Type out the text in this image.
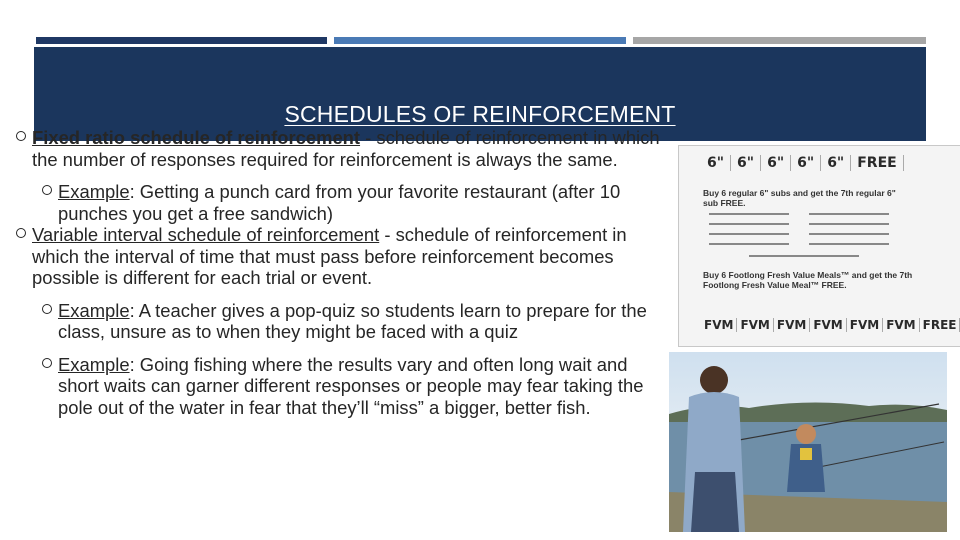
Fixed ratio schedule of reinforcement - schedule of reinforcement in which the number of responses required for reinforcement is always the same.
Example: Getting a punch card from your favorite restaurant (after 10 punches you get a free sandwich)
Variable interval schedule of reinforcement - schedule of reinforcement in which the interval of time that must pass before reinforcement becomes possible is different for each trial or event.
Example: A teacher gives a pop-quiz so students learn to prepare for the class, unsure as to when they might be faced with a quiz
Example: Going fishing where the results vary and often long wait and short waits can garner different responses or people may fear taking the pole out of the water in fear that they’ll “miss” a bigger, better fish.
SCHEDULES OF REINFORCEMENT
6" 6" 6" 6" 6" FREE
Buy 6 regular 6" subs and get the 7th regular 6" sub FREE.
Buy 6 Footlong Fresh Value Meals™ and get the 7th Footlong Fresh Value Meal™ FREE.
FVM FVM FVM FVM FVM FVM FREE
